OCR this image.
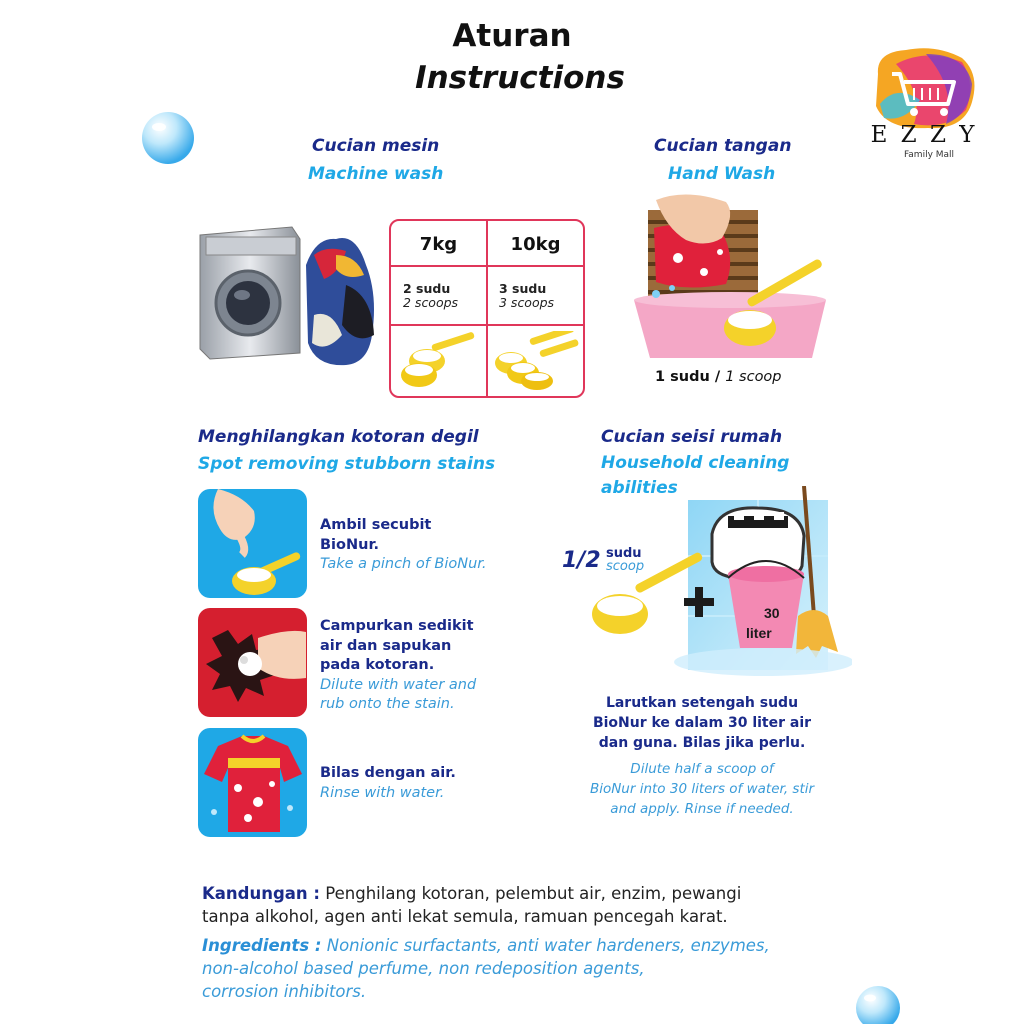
Aturan
Instructions
E Z Z Y
Family Mall
Cucian mesin
Machine wash
7kg	10kg
2 sudu
2 scoops
3 sudu
3 scoops
Cucian tangan
Hand Wash
1 sudu / 1 scoop
Menghilangkan kotoran degil
Spot removing stubborn stains
Ambil secubit
BioNur.
Take a pinch of BioNur.
Campurkan sedikit
air dan sapukan
pada kotoran.
Dilute with water and
rub onto the stain.
Bilas dengan air.
Rinse with water.
Cucian seisi rumah
Household cleaning
abilities
30
liter
1/2 sudu
scoop
Larutkan setengah sudu
BioNur ke dalam 30 liter air
dan guna. Bilas jika perlu.
Dilute half a scoop of
BioNur into 30 liters of water, stir
and apply. Rinse if needed.
Kandungan : Penghilang kotoran, pelembut air, enzim, pewangi
tanpa alkohol, agen anti lekat semula, ramuan pencegah karat.
Ingredients : Nonionic surfactants, anti water hardeners, enzymes,
non-alcohol based perfume, non redeposition agents,
corrosion inhibitors.
